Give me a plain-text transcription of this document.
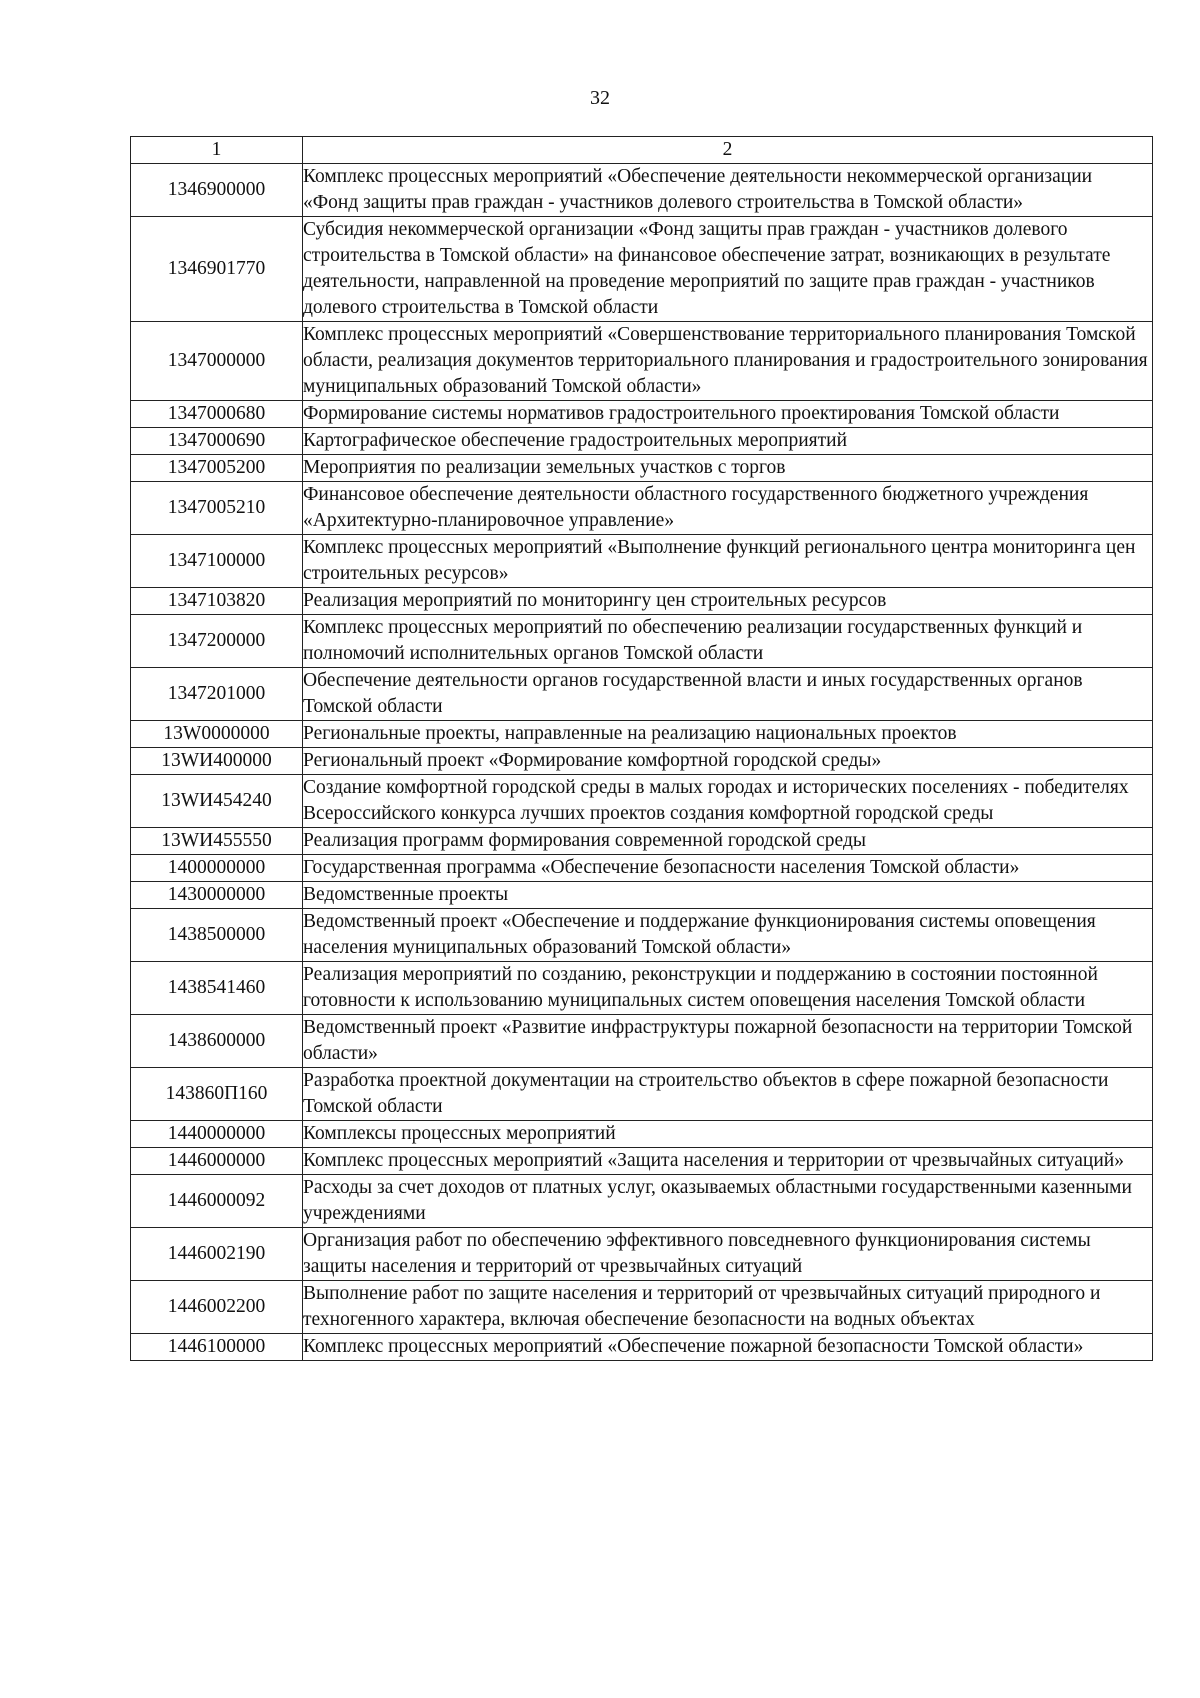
32
1	2
1346900000	Комплекс процессных мероприятий «Обеспечение деятельности некоммерческой организации «Фонд защиты прав граждан - участников долевого строительства в Томской области»
1346901770	Субсидия некоммерческой организации «Фонд защиты прав граждан - участников долевого строительства в Томской области» на финансовое обеспечение затрат, возникающих в результате деятельности, направленной на проведение мероприятий по защите прав граждан - участников долевого строительства в Томской области
1347000000	Комплекс процессных мероприятий «Совершенствование территориального планирования Томской области, реализация документов территориального планирования и градостроительного зонирования муниципальных образований Томской области»
1347000680	Формирование системы нормативов градостроительного проектирования Томской области
1347000690	Картографическое обеспечение градостроительных мероприятий
1347005200	Мероприятия по реализации земельных участков с торгов
1347005210	Финансовое обеспечение деятельности областного государственного бюджетного учреждения «Архитектурно-планировочное управление»
1347100000	Комплекс процессных мероприятий «Выполнение функций регионального центра мониторинга цен строительных ресурсов»
1347103820	Реализация мероприятий по мониторингу цен строительных ресурсов
1347200000	Комплекс процессных мероприятий по обеспечению реализации государственных функций и полномочий исполнительных органов Томской области
1347201000	Обеспечение деятельности органов государственной власти и иных государственных органов Томской области
13W0000000	Региональные проекты, направленные на реализацию национальных проектов
13WИ400000	Региональный проект «Формирование комфортной городской среды»
13WИ454240	Создание комфортной городской среды в малых городах и исторических поселениях - победителях Всероссийского конкурса лучших проектов создания комфортной городской среды
13WИ455550	Реализация программ формирования современной городской среды
1400000000	Государственная программа «Обеспечение безопасности населения Томской области»
1430000000	Ведомственные проекты
1438500000	Ведомственный проект «Обеспечение и поддержание функционирования системы оповещения населения муниципальных образований Томской области»
1438541460	Реализация мероприятий по созданию, реконструкции и поддержанию в состоянии постоянной готовности к использованию муниципальных систем оповещения населения Томской области
1438600000	Ведомственный проект «Развитие инфраструктуры пожарной безопасности на территории Томской области»
143860П160	Разработка проектной документации на строительство объектов в сфере пожарной безопасности Томской области
1440000000	Комплексы процессных мероприятий
1446000000	Комплекс процессных мероприятий «Защита населения и территории от чрезвычайных ситуаций»
1446000092	Расходы за счет доходов от платных услуг, оказываемых областными государственными казенными учреждениями
1446002190	Организация работ по обеспечению эффективного повседневного функционирования системы защиты населения и территорий от чрезвычайных ситуаций
1446002200	Выполнение работ по защите населения и территорий от чрезвычайных ситуаций природного и техногенного характера, включая обеспечение безопасности на водных объектах
1446100000	Комплекс процессных мероприятий «Обеспечение пожарной безопасности Томской области»
